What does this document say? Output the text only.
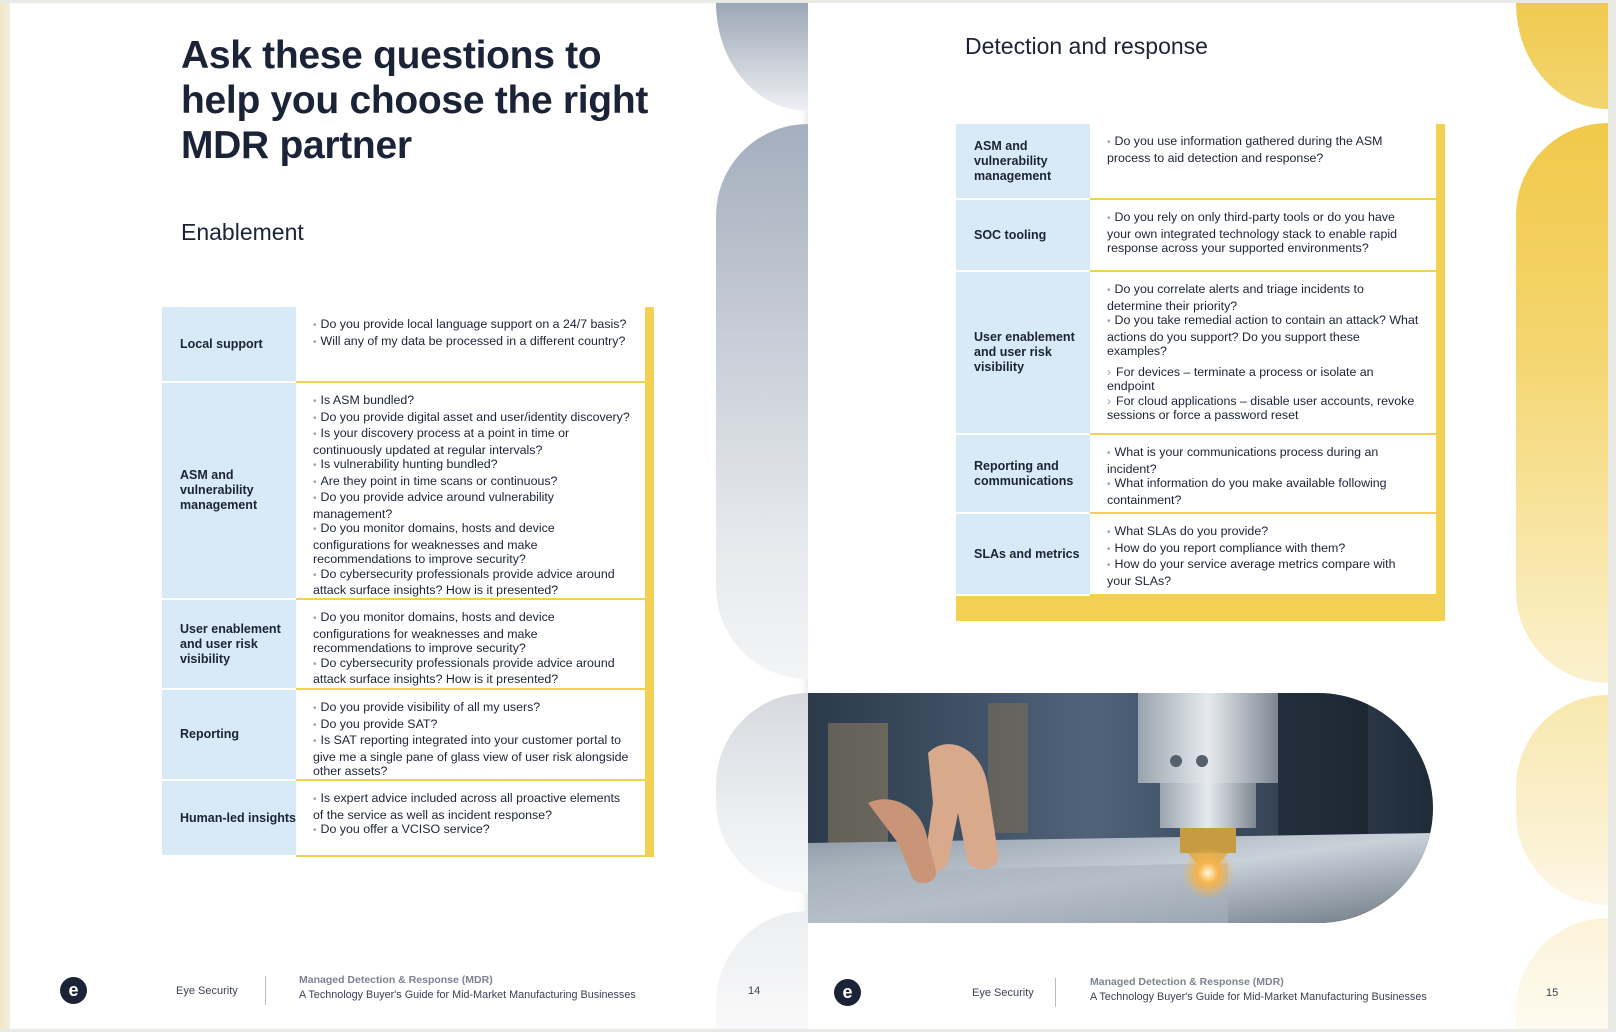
Ask these questions to help you choose the right MDR partner
Enablement
Local support
• Do you provide local language support on a 24/7 basis?
• Will any of my data be processed in a different country?
ASM and vulnerability management
• Is ASM bundled?
• Do you provide digital asset and user/identity discovery?
• Is your discovery process at a point in time or continuously updated at regular intervals?
• Is vulnerability hunting bundled?
• Are they point in time scans or continuous?
• Do you provide advice around vulnerability management?
• Do you monitor domains, hosts and device configurations for weaknesses and make recommendations to improve security?
• Do cybersecurity professionals provide advice around attack surface insights? How is it presented?
User enablement and user risk visibility
• Do you monitor domains, hosts and device configurations for weaknesses and make recommendations to improve security?
• Do cybersecurity professionals provide advice around attack surface insights? How is it presented?
Reporting
• Do you provide visibility of all my users?
• Do you provide SAT?
• Is SAT reporting integrated into your customer portal to give me a single pane of glass view of user risk alongside other assets?
Human-led insights
• Is expert advice included across all proactive elements of the service as well as incident response?
• Do you offer a VCISO service?
e	Eye Security
Managed Detection & Response (MDR)
A Technology Buyer's Guide for Mid-Market Manufacturing Businesses	14
Detection and response
ASM and vulnerability management
• Do you use information gathered during the ASM process to aid detection and response?
SOC tooling
• Do you rely on only third-party tools or do you have your own integrated technology stack to enable rapid response across your supported environments?
User enablement and user risk visibility
• Do you correlate alerts and triage incidents to determine their priority?
• Do you take remedial action to contain an attack? What actions do you support? Do you support these examples?
› For devices – terminate a process or isolate an endpoint
› For cloud applications – disable user accounts, revoke sessions or force a password reset
Reporting and communications
• What is your communications process during an incident?
• What information do you make available following containment?
SLAs and metrics
• What SLAs do you provide?
• How do you report compliance with them?
• How do your service average metrics compare with your SLAs?
e	Eye Security
Managed Detection & Response (MDR)
A Technology Buyer's Guide for Mid-Market Manufacturing Businesses	15
